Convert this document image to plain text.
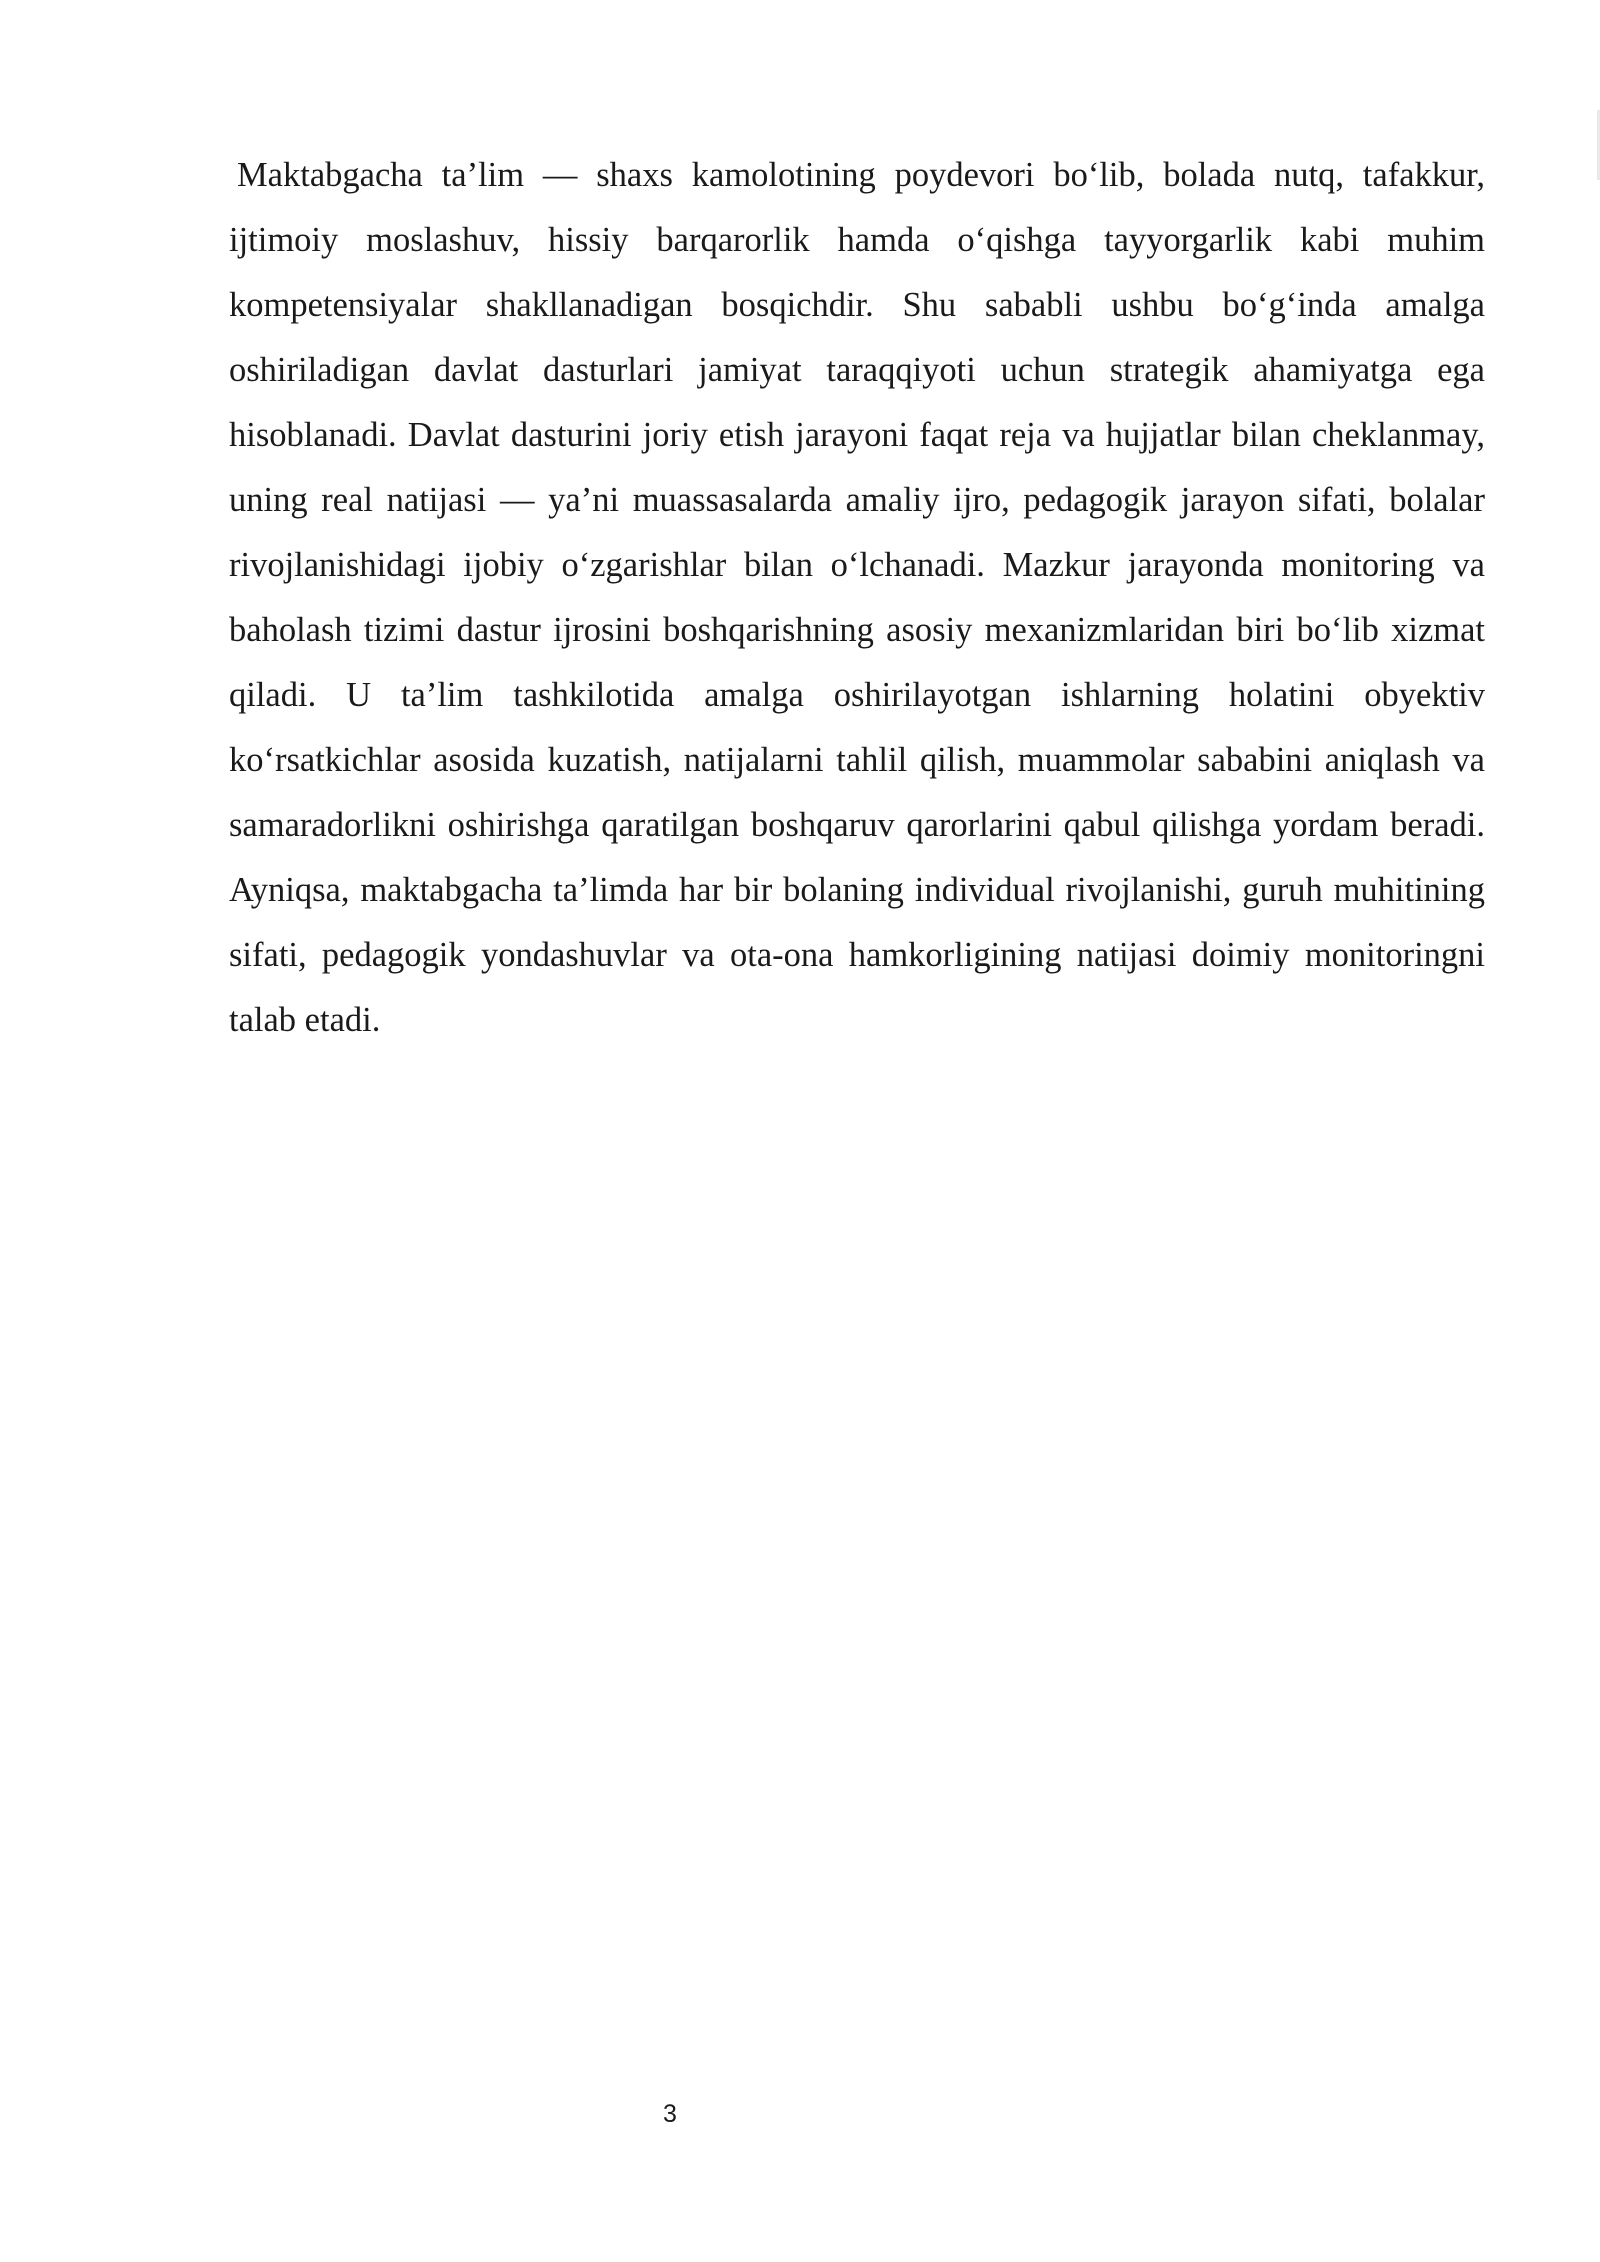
Maktabgacha ta’lim — shaxs kamolotining poydevori bo‘lib, bolada nutq, tafakkur, ijtimoiy moslashuv, hissiy barqarorlik hamda o‘qishga tayyorgarlik kabi muhim kompetensiyalar shakllanadigan bosqichdir. Shu sababli ushbu bo‘g‘inda amalga oshiriladigan davlat dasturlari jamiyat taraqqiyoti uchun strategik ahamiyatga ega hisoblanadi. Davlat dasturini joriy etish jarayoni faqat reja va hujjatlar bilan cheklanmay, uning real natijasi — ya’ni muassasalarda amaliy ijro, pedagogik jarayon sifati, bolalar rivojlanishidagi ijobiy o‘zgarishlar bilan o‘lchanadi. Mazkur jarayonda monitoring va baholash tizimi dastur ijrosini boshqarishning asosiy mexanizmlaridan biri bo‘lib xizmat qiladi. U ta’lim tashkilotida amalga oshirilayotgan ishlarning holatini obyektiv ko‘rsatkichlar asosida kuzatish, natijalarni tahlil qilish, muammolar sababini aniqlash va samaradorlikni oshirishga qaratilgan boshqaruv qarorlarini qabul qilishga yordam beradi. Ayniqsa, maktabgacha ta’limda har bir bolaning individual rivojlanishi, guruh muhitining sifati, pedagogik yondashuvlar va ota-ona hamkorligining natijasi doimiy monitoringni talab etadi.

3
